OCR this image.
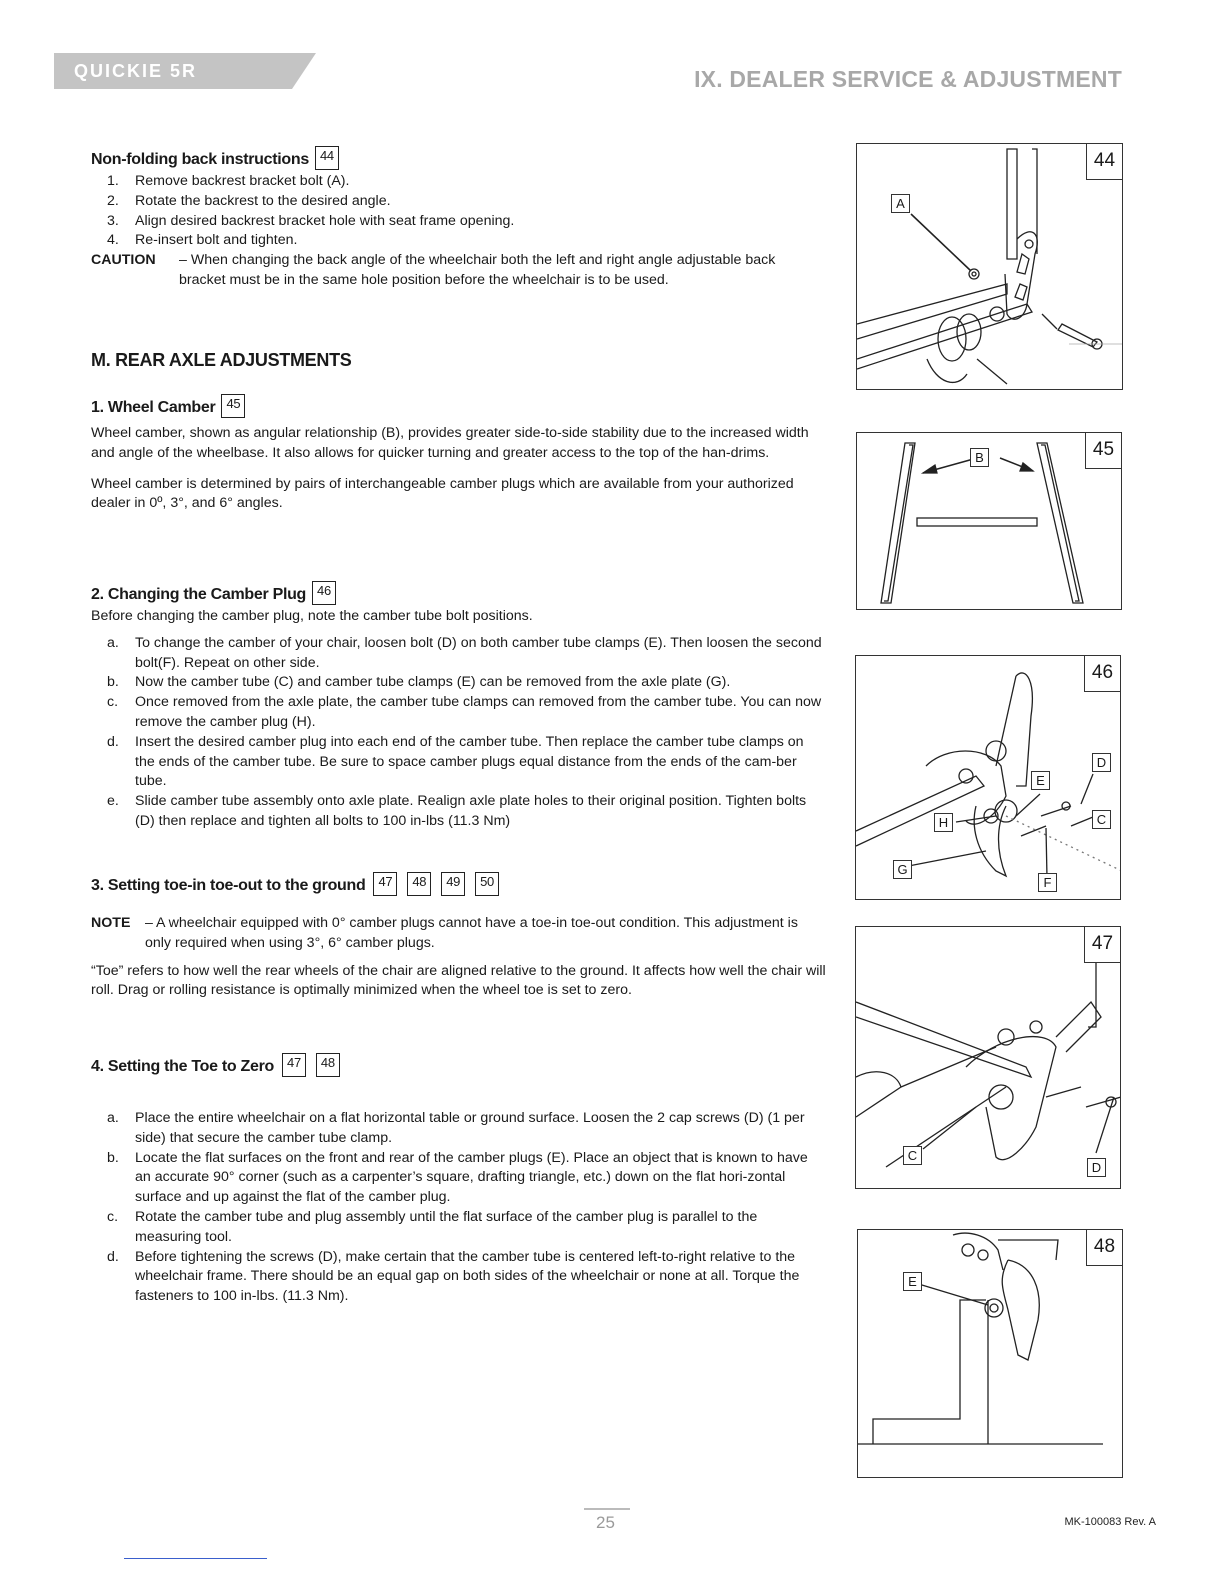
QUICKIE 5R	IX. DEALER SERVICE & ADJUSTMENT
Non-folding back instructions 44
1.	Remove backrest bracket bolt (A).
2.	Rotate the backrest to the desired angle.
3.	Align desired backrest bracket hole with seat frame opening.
4.	Re-insert bolt and tighten.
CAUTION – When changing the back angle of the wheelchair both the left and right angle adjustable back bracket must be in the same hole position before the wheelchair is to be used.
M. REAR AXLE ADJUSTMENTS
1. Wheel Camber 45

Wheel camber, shown as angular relationship (B), provides greater side-to-side stability due to the increased width and angle of the wheelbase. It also allows for quicker turning and greater access to the top of the han-drims.

Wheel camber is determined by pairs of interchangeable camber plugs which are available from your authorized dealer in 0º, 3°, and 6° angles.

2. Changing the Camber Plug 46

Before changing the camber plug, note the camber tube bolt positions.

a.	To change the camber of your chair, loosen bolt (D) on both camber tube clamps (E). Then loosen the second bolt(F). Repeat on other side.
b.	Now the camber tube (C) and camber tube clamps (E) can be removed from the axle plate (G).
c.	Once removed from the axle plate, the camber tube clamps can removed from the camber tube. You can now remove the camber plug (H).
d.	Insert the desired camber plug into each end of the camber tube. Then replace the camber tube clamps on the ends of the camber tube. Be sure to space camber plugs equal distance from the ends of the cam-ber tube.
e.	Slide camber tube assembly onto axle plate. Realign axle plate holes to their original position. Tighten bolts (D) then replace and tighten all bolts to 100 in-lbs (11.3 Nm)
3. Setting toe-in toe-out to the ground 47 48 49 50
NOTE – A wheelchair equipped with 0° camber plugs cannot have a toe-in toe-out condition. This adjustment is only required when using 3°, 6° camber plugs.

“Toe” refers to how well the rear wheels of the chair are aligned relative to the ground. It affects how well the chair will roll. Drag or rolling resistance is optimally minimized when the wheel toe is set to zero.

4. Setting the Toe to Zero 47 48
a.	Place the entire wheelchair on a flat horizontal table or ground surface. Loosen the 2 cap screws (D) (1 per side) that secure the camber tube clamp.
b.	Locate the flat surfaces on the front and rear of the camber plugs (E). Place an object that is known to have an accurate 90° corner (such as a carpenter’s square, drafting triangle, etc.) down on the flat hori-zontal surface and up against the flat of the camber plug.
c.	Rotate the camber tube and plug assembly until the flat surface of the camber plug is parallel to the measuring tool.
d.	Before tightening the screws (D), make certain that the camber tube is centered left-to-right relative to the wheelchair frame. There should be an equal gap on both sides of the wheelchair or none at all. Torque the fasteners to 100 in-lbs. (11.3 Nm).
44
A
45
B
46
D
E
C
H
G
F
47
C
D
48
E
25	MK-100083 Rev. A
